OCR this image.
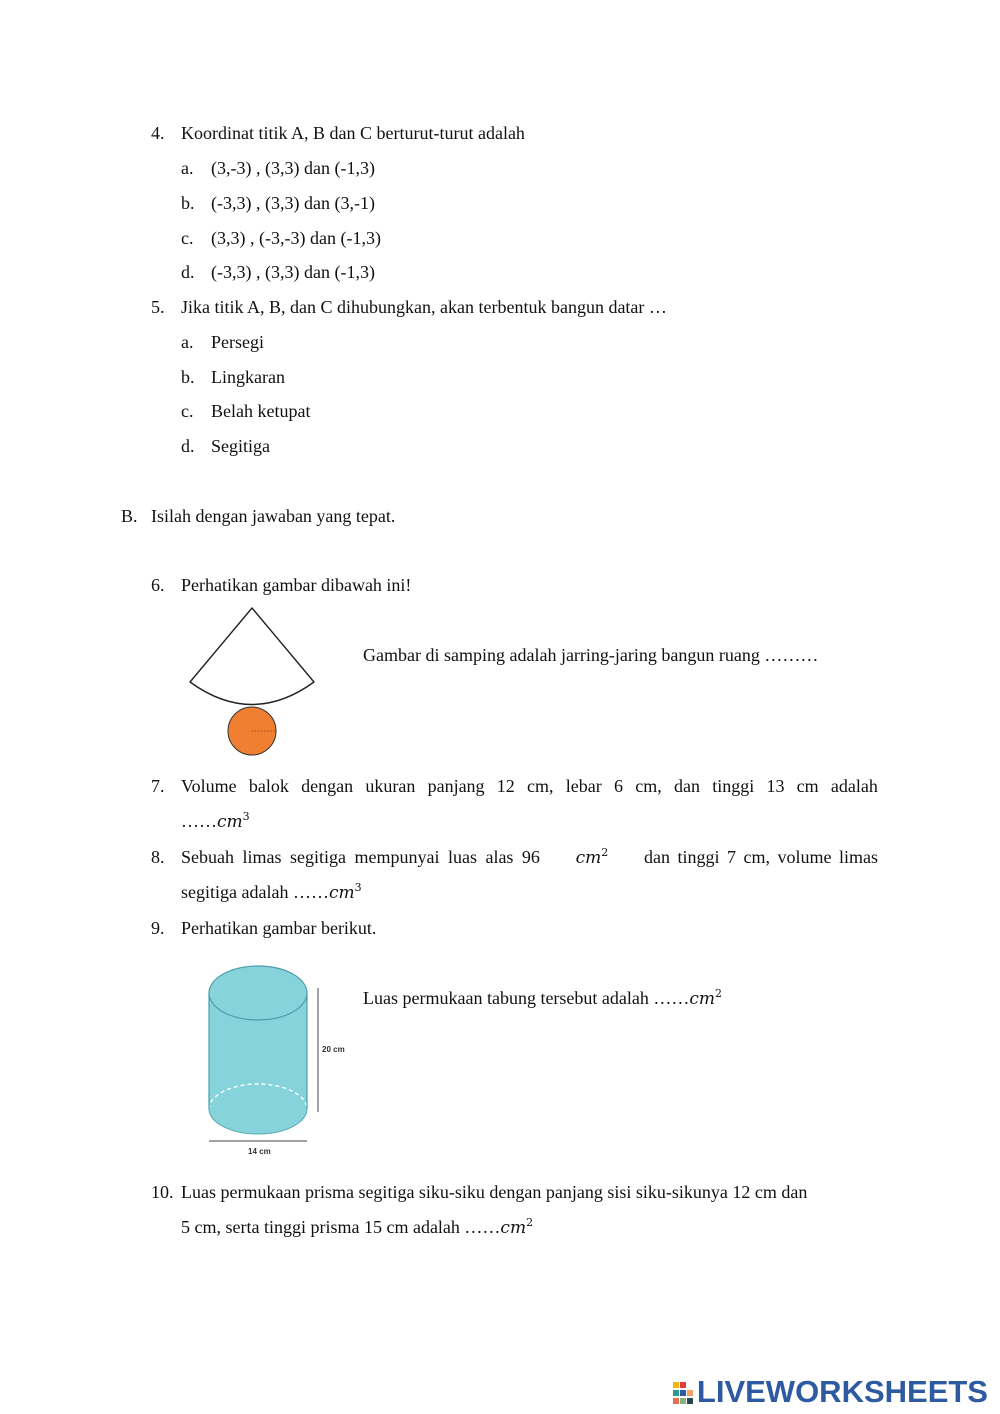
4. Koordinat titik A, B dan C berturut-turut adalah
a. (3,-3) , (3,3) dan (-1,3)
b. (-3,3) , (3,3) dan (3,-1)
c. (3,3) , (-3,-3) dan (-1,3)
d. (-3,3) , (3,3) dan (-1,3)
5. Jika titik A, B, dan C dihubungkan, akan terbentuk bangun datar …
a. Persegi
b. Lingkaran
c. Belah ketupat
d. Segitiga
B. Isilah dengan jawaban yang tepat.
6. Perhatikan gambar dibawah ini!
Gambar di samping adalah jarring-jaring bangun ruang ………
7. Volume balok dengan ukuran panjang 12 cm, lebar 6 cm, dan tinggi 13 cm adalah
$\dots\dots cm^3$
8. Sebuah limas segitiga mempunyai luas alas 96 $cm^2$ dan tinggi 7 cm, volume limas
segitiga adalah $\dots\dots cm^3$
9. Perhatikan gambar berikut.
20 cm
14 cm
Luas permukaan tabung tersebut adalah $\dots\dots cm^2$
10. Luas permukaan prisma segitiga siku-siku dengan panjang sisi siku-sikunya 12 cm dan
5 cm, serta tinggi prisma 15 cm adalah $\dots\dots cm^2$
LIVEWORKSHEETS
